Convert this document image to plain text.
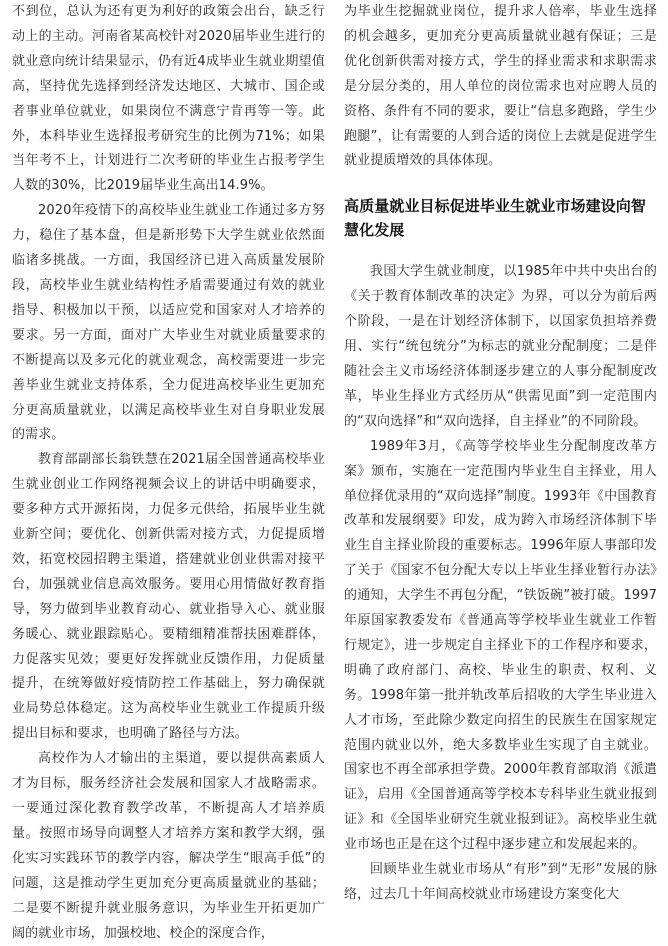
不到位，总认为还有更为利好的政策会出台，缺乏行动上的主动。河南省某高校针对2020届毕业生进行的就业意向统计结果显示，仍有近4成毕业生就业期望值高，坚持优先选择到经济发达地区、大城市、国企或者事业单位就业，如果岗位不满意宁肯再等一等。此外，本科毕业生选择报考研究生的比例为71%；如果当年考不上，计划进行二次考研的毕业生占报考学生人数的30%，比2019届毕业生高出14.9%。

2020年疫情下的高校毕业生就业工作通过多方努力，稳住了基本盘，但是新形势下大学生就业依然面临诸多挑战。一方面，我国经济已进入高质量发展阶段，高校毕业生就业结构性矛盾需要通过有效的就业指导、积极加以干预，以适应党和国家对人才培养的要求。另一方面，面对广大毕业生对就业质量要求的不断提高以及多元化的就业观念，高校需要进一步完善毕业生就业支持体系，全力促进高校毕业生更加充分更高质量就业，以满足高校毕业生对自身职业发展的需求。

教育部副部长翁铁慧在2021届全国普通高校毕业生就业创业工作网络视频会议上的讲话中明确要求，要多种方式开源拓岗，力促多元供给，拓展毕业生就业新空间；要优化、创新供需对接方式，力促提质增效，拓宽校园招聘主渠道，搭建就业创业供需对接平台，加强就业信息高效服务。要用心用情做好教育指导，努力做到毕业教育动心、就业指导入心、就业服务暖心、就业跟踪贴心。要精细精准帮扶困难群体，力促落实见效；要更好发挥就业反馈作用，力促质量提升，在统筹做好疫情防控工作基础上，努力确保就业局势总体稳定。这为高校毕业生就业工作提质升级提出目标和要求，也明确了路径与方法。

高校作为人才输出的主渠道，要以提供高素质人才为目标，服务经济社会发展和国家人才战略需求。一要通过深化教育教学改革，不断提高人才培养质量。按照市场导向调整人才培养方案和教学大纲，强化实习实践环节的教学内容，解决学生“眼高手低”的问题，这是推动学生更加充分更高质量就业的基础；二是要不断提升就业服务意识，为毕业生开拓更加广阔的就业市场，加强校地、校企的深度合作，

为毕业生挖掘就业岗位，提升求人倍率，毕业生选择的机会越多，更加充分更高质量就业越有保证；三是优化创新供需对接方式，学生的择业需求和求职需求是分层分类的，用人单位的岗位需求也对应聘人员的资格、条件有不同的要求，要让“信息多跑路，学生少跑腿”，让有需要的人到合适的岗位上去就是促进学生就业提质增效的具体体现。

高质量就业目标促进毕业生就业市场建设向智慧化发展

我国大学生就业制度，以1985年中共中央出台的《关于教育体制改革的决定》为界，可以分为前后两个阶段，一是在计划经济体制下，以国家负担培养费用、实行“统包统分”为标志的就业分配制度；二是伴随社会主义市场经济体制逐步建立的人事分配制度改革，毕业生择业方式经历从“供需见面”到一定范围内的“双向选择”和“双向选择，自主择业”的不同阶段。

1989年3月，《高等学校毕业生分配制度改革方案》颁布，实施在一定范围内毕业生自主择业，用人单位择优录用的“双向选择”制度。1993年《中国教育改革和发展纲要》印发，成为跨入市场经济体制下毕业生自主择业阶段的重要标志。1996年原人事部印发了关于《国家不包分配大专以上毕业生择业暂行办法》的通知，大学生不再包分配，“铁饭碗”被打破。1997年原国家教委发布《普通高等学校毕业生就业工作暂行规定》，进一步规定自主择业下的工作程序和要求，明确了政府部门、高校、毕业生的职责、权利、义务。1998年第一批并轨改革后招收的大学生毕业进入人才市场，至此除少数定向招生的民族生在国家规定范围内就业以外，绝大多数毕业生实现了自主就业。国家也不再全部承担学费。2000年教育部取消《派遣证》，启用《全国普通高等学校本专科毕业生就业报到证》和《全国毕业研究生就业报到证》。高校毕业生就业市场也正是在这个过程中逐步建立和发展起来的。

回顾毕业生就业市场从“有形”到“无形”发展的脉络，过去几十年间高校就业市场建设方案变化大
